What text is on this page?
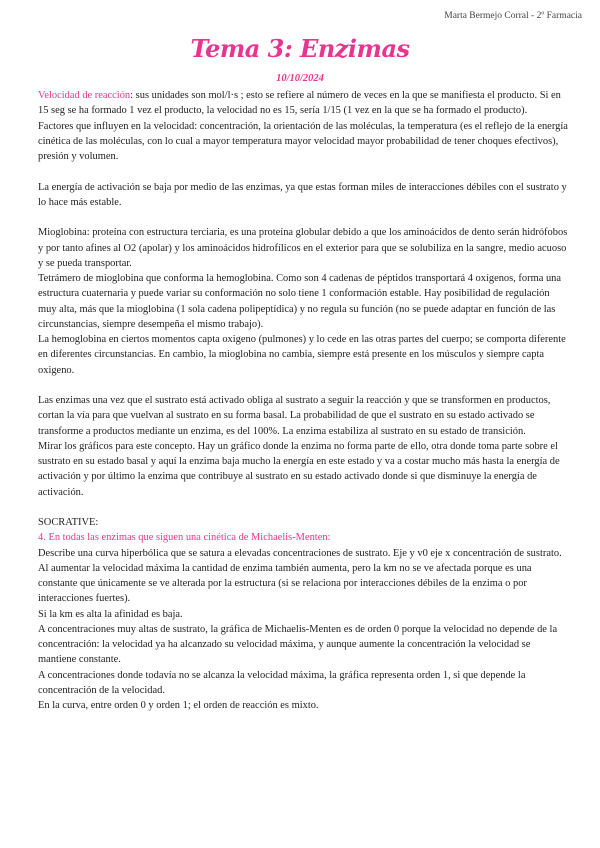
Marta Bermejo Corral - 2º Farmacia
Tema 3: Enzimas
10/10/2024

Velocidad de reacción: sus unidades son mol/l·s ; esto se refiere al número de veces en la que se manifiesta el producto. Si en 15 seg se ha formado 1 vez el producto, la velocidad no es 15, sería 1/15 (1 vez en la que se ha formado el producto).

Factores que influyen en la velocidad: concentración, la orientación de las moléculas, la temperatura (es el reflejo de la energía cinética de las moléculas, con lo cual a mayor temperatura mayor velocidad mayor probabilidad de tener choques efectivos), presión y volumen.

La energía de activación se baja por medio de las enzimas, ya que estas forman miles de interacciones débiles con el sustrato y lo hace más estable.

Mioglobina: proteína con estructura terciaria, es una proteína globular debido a que los aminoácidos de dento serán hidrófobos y por tanto afines al O2 (apolar) y los aminoácidos hidrofílicos en el exterior para que se solubiliza en la sangre, medio acuoso y se pueda transportar.

Tetrámero de mioglobina que conforma la hemoglobina. Como son 4 cadenas de péptidos transportará 4 oxígenos, forma una estructura cuaternaria y puede variar su conformación no solo tiene 1 conformación estable. Hay posibilidad de regulación muy alta, más que la mioglobina (1 sola cadena polipeptídica) y no regula su función (no se puede adaptar en función de las circunstancias, siempre desempeña el mismo trabajo).

La hemoglobina en ciertos momentos capta oxigeno (pulmones) y lo cede en las otras partes del cuerpo; se comporta diferente en diferentes circunstancias. En cambio, la mioglobina no cambia, siempre está presente en los músculos y siempre capta oxigeno.

Las enzimas una vez que el sustrato está activado obliga al sustrato a seguir la reacción y que se transformen en productos, cortan la vía para que vuelvan al sustrato en su forma basal. La probabilidad de que el sustrato en su estado activado se transforme a productos mediante un enzima, es del 100%. La enzima estabiliza al sustrato en su estado de transición.

Mirar los gráficos para este concepto. Hay un gráfico donde la enzima no forma parte de ello, otra donde toma parte sobre el sustrato en su estado basal y aquí la enzima baja mucho la energía en este estado y va a costar mucho más hasta la energía de activación y por último la enzima que contribuye al sustrato en su estado activado donde si que disminuye la energía de activación.

SOCRATIVE:

4. En todas las enzimas que siguen una cinética de Michaelis-Menten:

Describe una curva hiperbólica que se satura a elevadas concentraciones de sustrato. Eje y v0 eje x concentración de sustrato.

Al aumentar la velocidad máxima la cantidad de enzima también aumenta, pero la km no se ve afectada porque es una constante que únicamente se ve alterada por la estructura (si se relaciona por interacciones débiles de la enzima o por interacciones fuertes).

Si la km es alta la afinidad es baja.

A concentraciones muy altas de sustrato, la gráfica de Michaelis-Menten es de orden 0 porque la velocidad no depende de la concentración: la velocidad ya ha alcanzado su velocidad máxima, y aunque aumente la concentración la velocidad se mantiene constante.

A concentraciones donde todavía no se alcanza la velocidad máxima, la gráfica representa orden 1, si que depende la concentración de la velocidad.

En la curva, entre orden 0 y orden 1; el orden de reacción es mixto.
